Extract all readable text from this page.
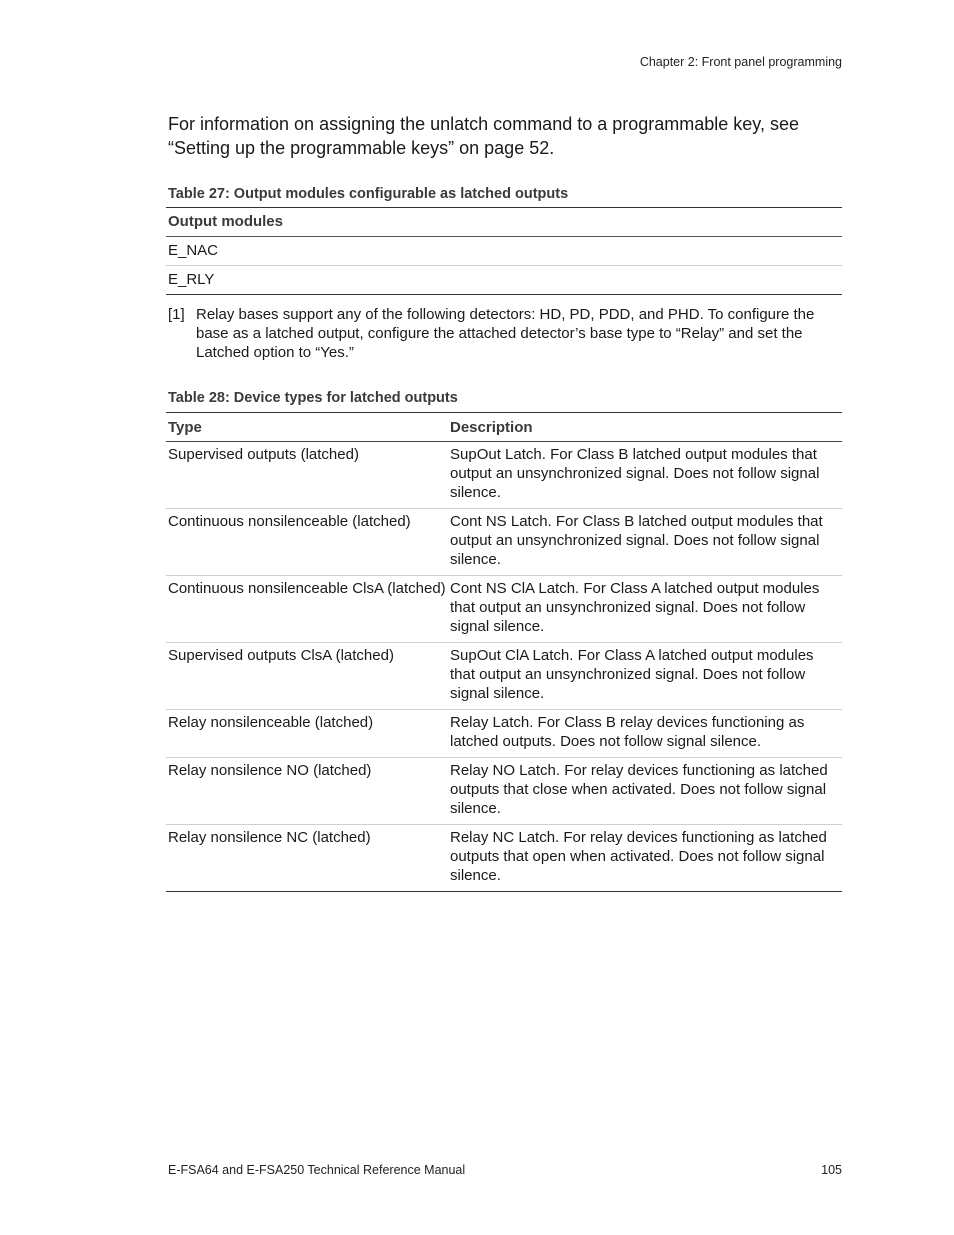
Chapter 2: Front panel programming

For information on assigning the unlatch command to a programmable key, see “Setting up the programmable keys” on page 52.

Table 27: Output modules configurable as latched outputs

Output modules
E_NAC
E_RLY
[1] Relay bases support any of the following detectors: HD, PD, PDD, and PHD. To configure the base as a latched output, configure the attached detector’s base type to “Relay” and set the Latched option to “Yes.”

Table 28: Device types for latched outputs

Type	Description
Supervised outputs (latched)	SupOut Latch. For Class B latched output modules that output an unsynchronized signal. Does not follow signal silence.
Continuous nonsilenceable (latched)	Cont NS Latch. For Class B latched output modules that output an unsynchronized signal. Does not follow signal silence.
Continuous nonsilenceable ClsA (latched)	Cont NS ClA Latch. For Class A latched output modules that output an unsynchronized signal. Does not follow signal silence.
Supervised outputs ClsA (latched)	SupOut ClA Latch. For Class A latched output modules that output an unsynchronized signal. Does not follow signal silence.
Relay nonsilenceable (latched)	Relay Latch. For Class B relay devices functioning as latched outputs. Does not follow signal silence.
Relay nonsilence NO (latched)	Relay NO Latch. For relay devices functioning as latched outputs that close when activated. Does not follow signal silence.
Relay nonsilence NC (latched)	Relay NC Latch. For relay devices functioning as latched outputs that open when activated. Does not follow signal silence.
E-FSA64 and E-FSA250 Technical Reference Manual	105
